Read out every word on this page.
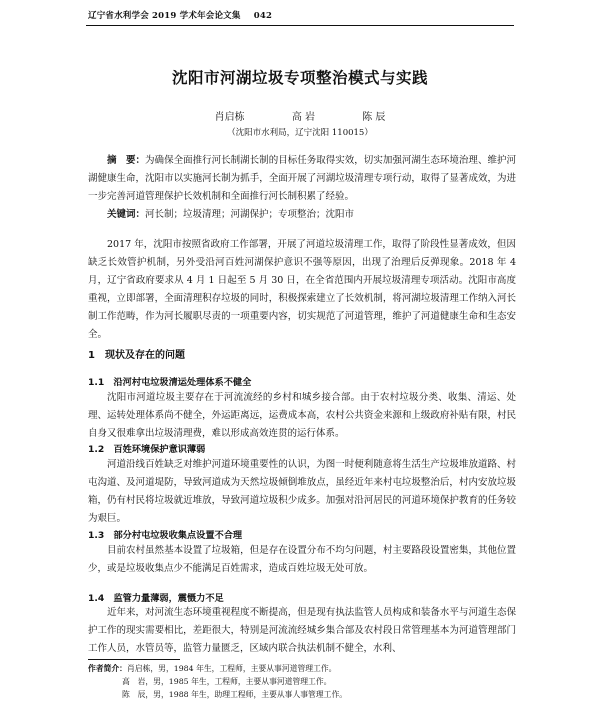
辽宁省水利学会 2019 学术年会论文集 042
沈阳市河湖垃圾专项整治模式与实践
肖启栋	高 岩	陈 辰
（沈阳市水利局，辽宁沈阳 110015）
摘　要：为确保全面推行河长制湖长制的目标任务取得实效，切实加强河湖生态环境治理、维护河湖健康生命，沈阳市以实施河长制为抓手，全面开展了河湖垃圾清理专项行动，取得了显著成效，为进一步完善河道管理保护长效机制和全面推行河长制积累了经验。
关键词：河长制；垃圾清理；河湖保护；专项整治；沈阳市

2017 年，沈阳市按照省政府工作部署，开展了河道垃圾清理工作，取得了阶段性显著成效，但因缺乏长效管护机制，另外受沿河百姓河湖保护意识不强等原因，出现了治理后反弹现象。2018 年 4 月，辽宁省政府要求从 4 月 1 日起至 5 月 30 日，在全省范围内开展垃圾清理专项活动。沈阳市高度重视，立即部署，全面清理积存垃圾的同时，积极探索建立了长效机制，将河湖垃圾清理工作纳入河长制工作范畴，作为河长履职尽责的一项重要内容，切实规范了河道管理，维护了河道健康生命和生态安全。

1　现状及存在的问题
1.1　沿河村屯垃圾清运处理体系不健全

沈阳市河道垃圾主要存在于河流流经的乡村和城乡接合部。由于农村垃圾分类、收集、清运、处理、运转处理体系尚不健全，外运距离远，运费成本高，农村公共资金来源和上级政府补贴有限，村民自身又很难拿出垃圾清理费，难以形成高效连贯的运行体系。

1.2　百姓环境保护意识薄弱

河道沿线百姓缺乏对维护河道环境重要性的认识，为图一时便利随意将生活生产垃圾堆放道路、村屯沟道、及河道堤防，导致河道成为天然垃圾倾倒堆放点，虽经近年来村屯垃圾整治后，村内安放垃圾箱，仍有村民将垃圾就近堆放，导致河道垃圾积少成多。加强对沿河居民的河道环境保护教育的任务较为艰巨。

1.3　部分村屯垃圾收集点设置不合理

目前农村虽然基本设置了垃圾箱，但是存在设置分布不均匀问题，村主要路段设置密集，其他位置少，或是垃圾收集点少不能满足百姓需求，造成百姓垃圾无处可放。

1.4　监管力量薄弱，震慑力不足

近年来，对河流生态环境重视程度不断提高，但是现有执法监管人员构成和装备水平与河道生态保护工作的现实需要相比，差距很大，特别是河流流经城乡集合部及农村段日常管理基本为河道管理部门工作人员，水管员等，监管力量匮乏，区域内联合执法机制不健全，水利、

作者简介：肖启栋，男，1984 年生，工程师，主要从事河道管理工作。
高　岩，男，1985 年生，工程师，主要从事河道管理工作。
陈　辰，男，1988 年生，助理工程师，主要从事人事管理工作。
